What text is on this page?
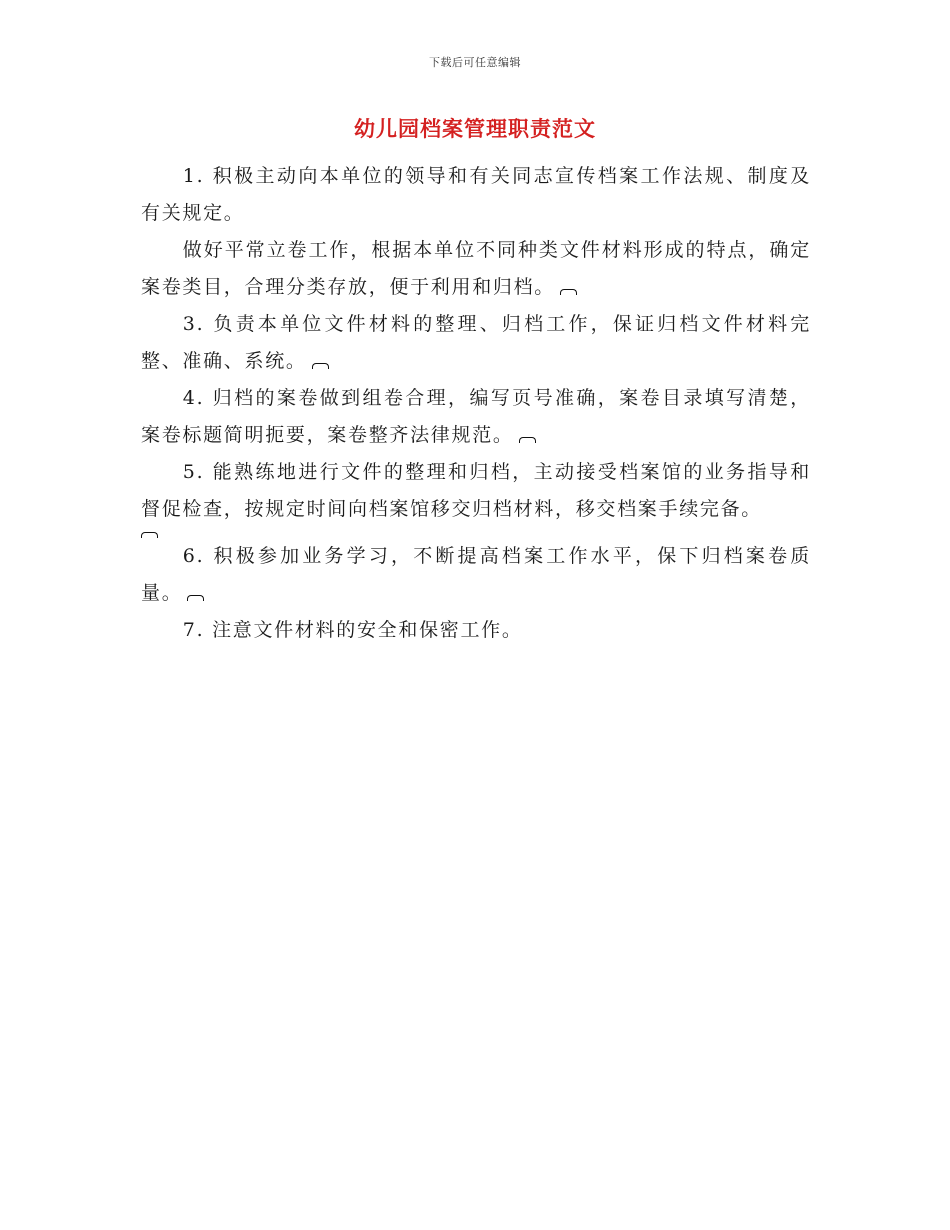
下载后可任意编辑
幼儿园档案管理职责范文

1. 积极主动向本单位的领导和有关同志宣传档案工作法规、制度及有关规定。

做好平常立卷工作，根据本单位不同种类文件材料形成的特点，确定案卷类目，合理分类存放，便于利用和归档。

3. 负责本单位文件材料的整理、归档工作，保证归档文件材料完整、准确、系统。

4. 归档的案卷做到组卷合理，编写页号准确，案卷目录填写清楚，案卷标题简明扼要，案卷整齐法律规范。

5. 能熟练地进行文件的整理和归档，主动接受档案馆的业务指导和督促检查，按规定时间向档案馆移交归档材料，移交档案手续完备。

6. 积极参加业务学习，不断提高档案工作水平，保下归档案卷质量。

7. 注意文件材料的安全和保密工作。
